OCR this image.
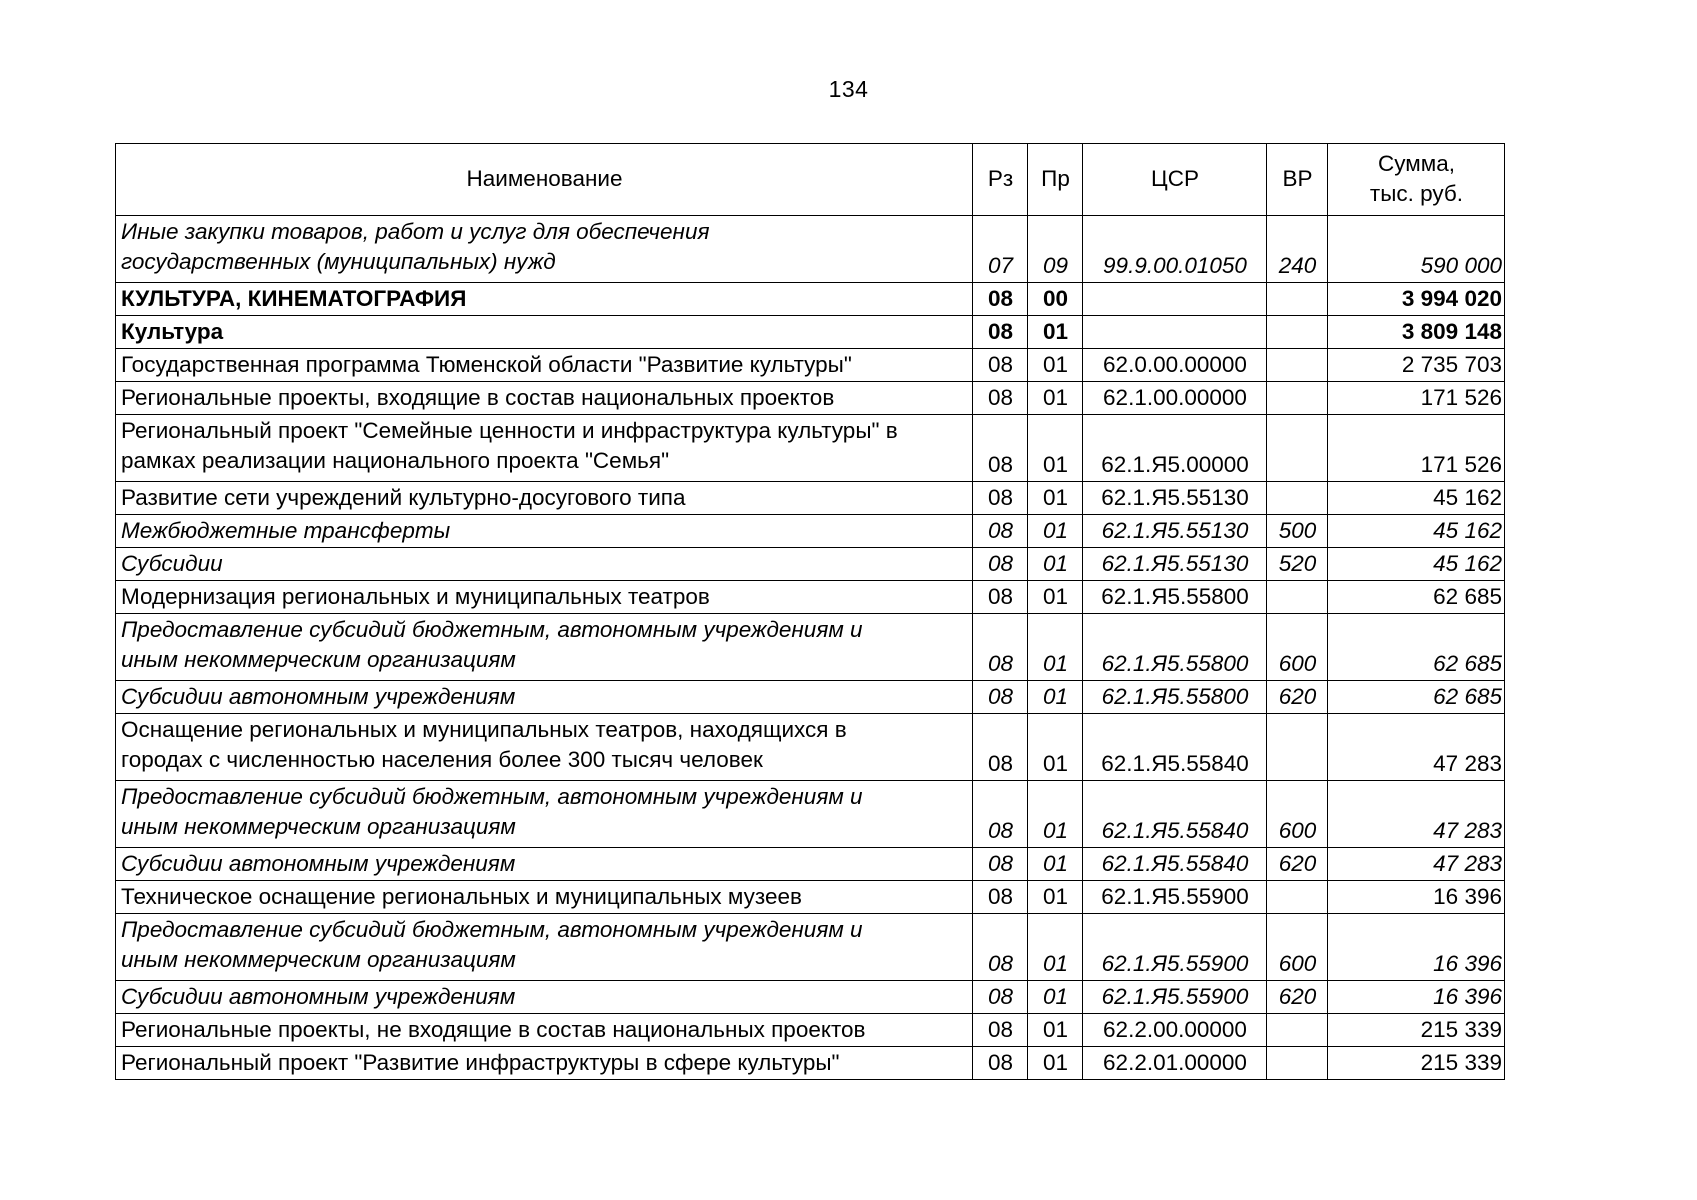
134
Наименование	Рз	Пр	ЦСР	ВР	Сумма,
тыс. руб.

Иные закупки товаров, работ и услуг для обеспечения
государственных (муниципальных) нужд	07	09	99.9.00.01050	240	590 000

КУЛЬТУРА, КИНЕМАТОГРАФИЯ	08	00			3 994 020

Культура	08	01			3 809 148

Государственная программа Тюменской области "Развитие культуры"	08	01	62.0.00.00000		2 735 703

Региональные проекты, входящие в состав национальных проектов	08	01	62.1.00.00000		171 526

Региональный проект "Семейные ценности и инфраструктура культуры" в
рамках реализации национального проекта "Семья"	08	01	62.1.Я5.00000		171 526

Развитие сети учреждений культурно-досугового типа	08	01	62.1.Я5.55130		45 162

Межбюджетные трансферты	08	01	62.1.Я5.55130	500	45 162

Субсидии	08	01	62.1.Я5.55130	520	45 162

Модернизация региональных и муниципальных театров	08	01	62.1.Я5.55800		62 685

Предоставление субсидий бюджетным, автономным учреждениям и
иным некоммерческим организациям	08	01	62.1.Я5.55800	600	62 685

Субсидии автономным учреждениям	08	01	62.1.Я5.55800	620	62 685

Оснащение региональных и муниципальных театров, находящихся в
городах с численностью населения более 300 тысяч человек	08	01	62.1.Я5.55840		47 283

Предоставление субсидий бюджетным, автономным учреждениям и
иным некоммерческим организациям	08	01	62.1.Я5.55840	600	47 283

Субсидии автономным учреждениям	08	01	62.1.Я5.55840	620	47 283

Техническое оснащение региональных и муниципальных музеев	08	01	62.1.Я5.55900		16 396

Предоставление субсидий бюджетным, автономным учреждениям и
иным некоммерческим организациям	08	01	62.1.Я5.55900	600	16 396

Субсидии автономным учреждениям	08	01	62.1.Я5.55900	620	16 396

Региональные проекты, не входящие в состав национальных проектов	08	01	62.2.00.00000		215 339

Региональный проект "Развитие инфраструктуры в сфере культуры"	08	01	62.2.01.00000		215 339
